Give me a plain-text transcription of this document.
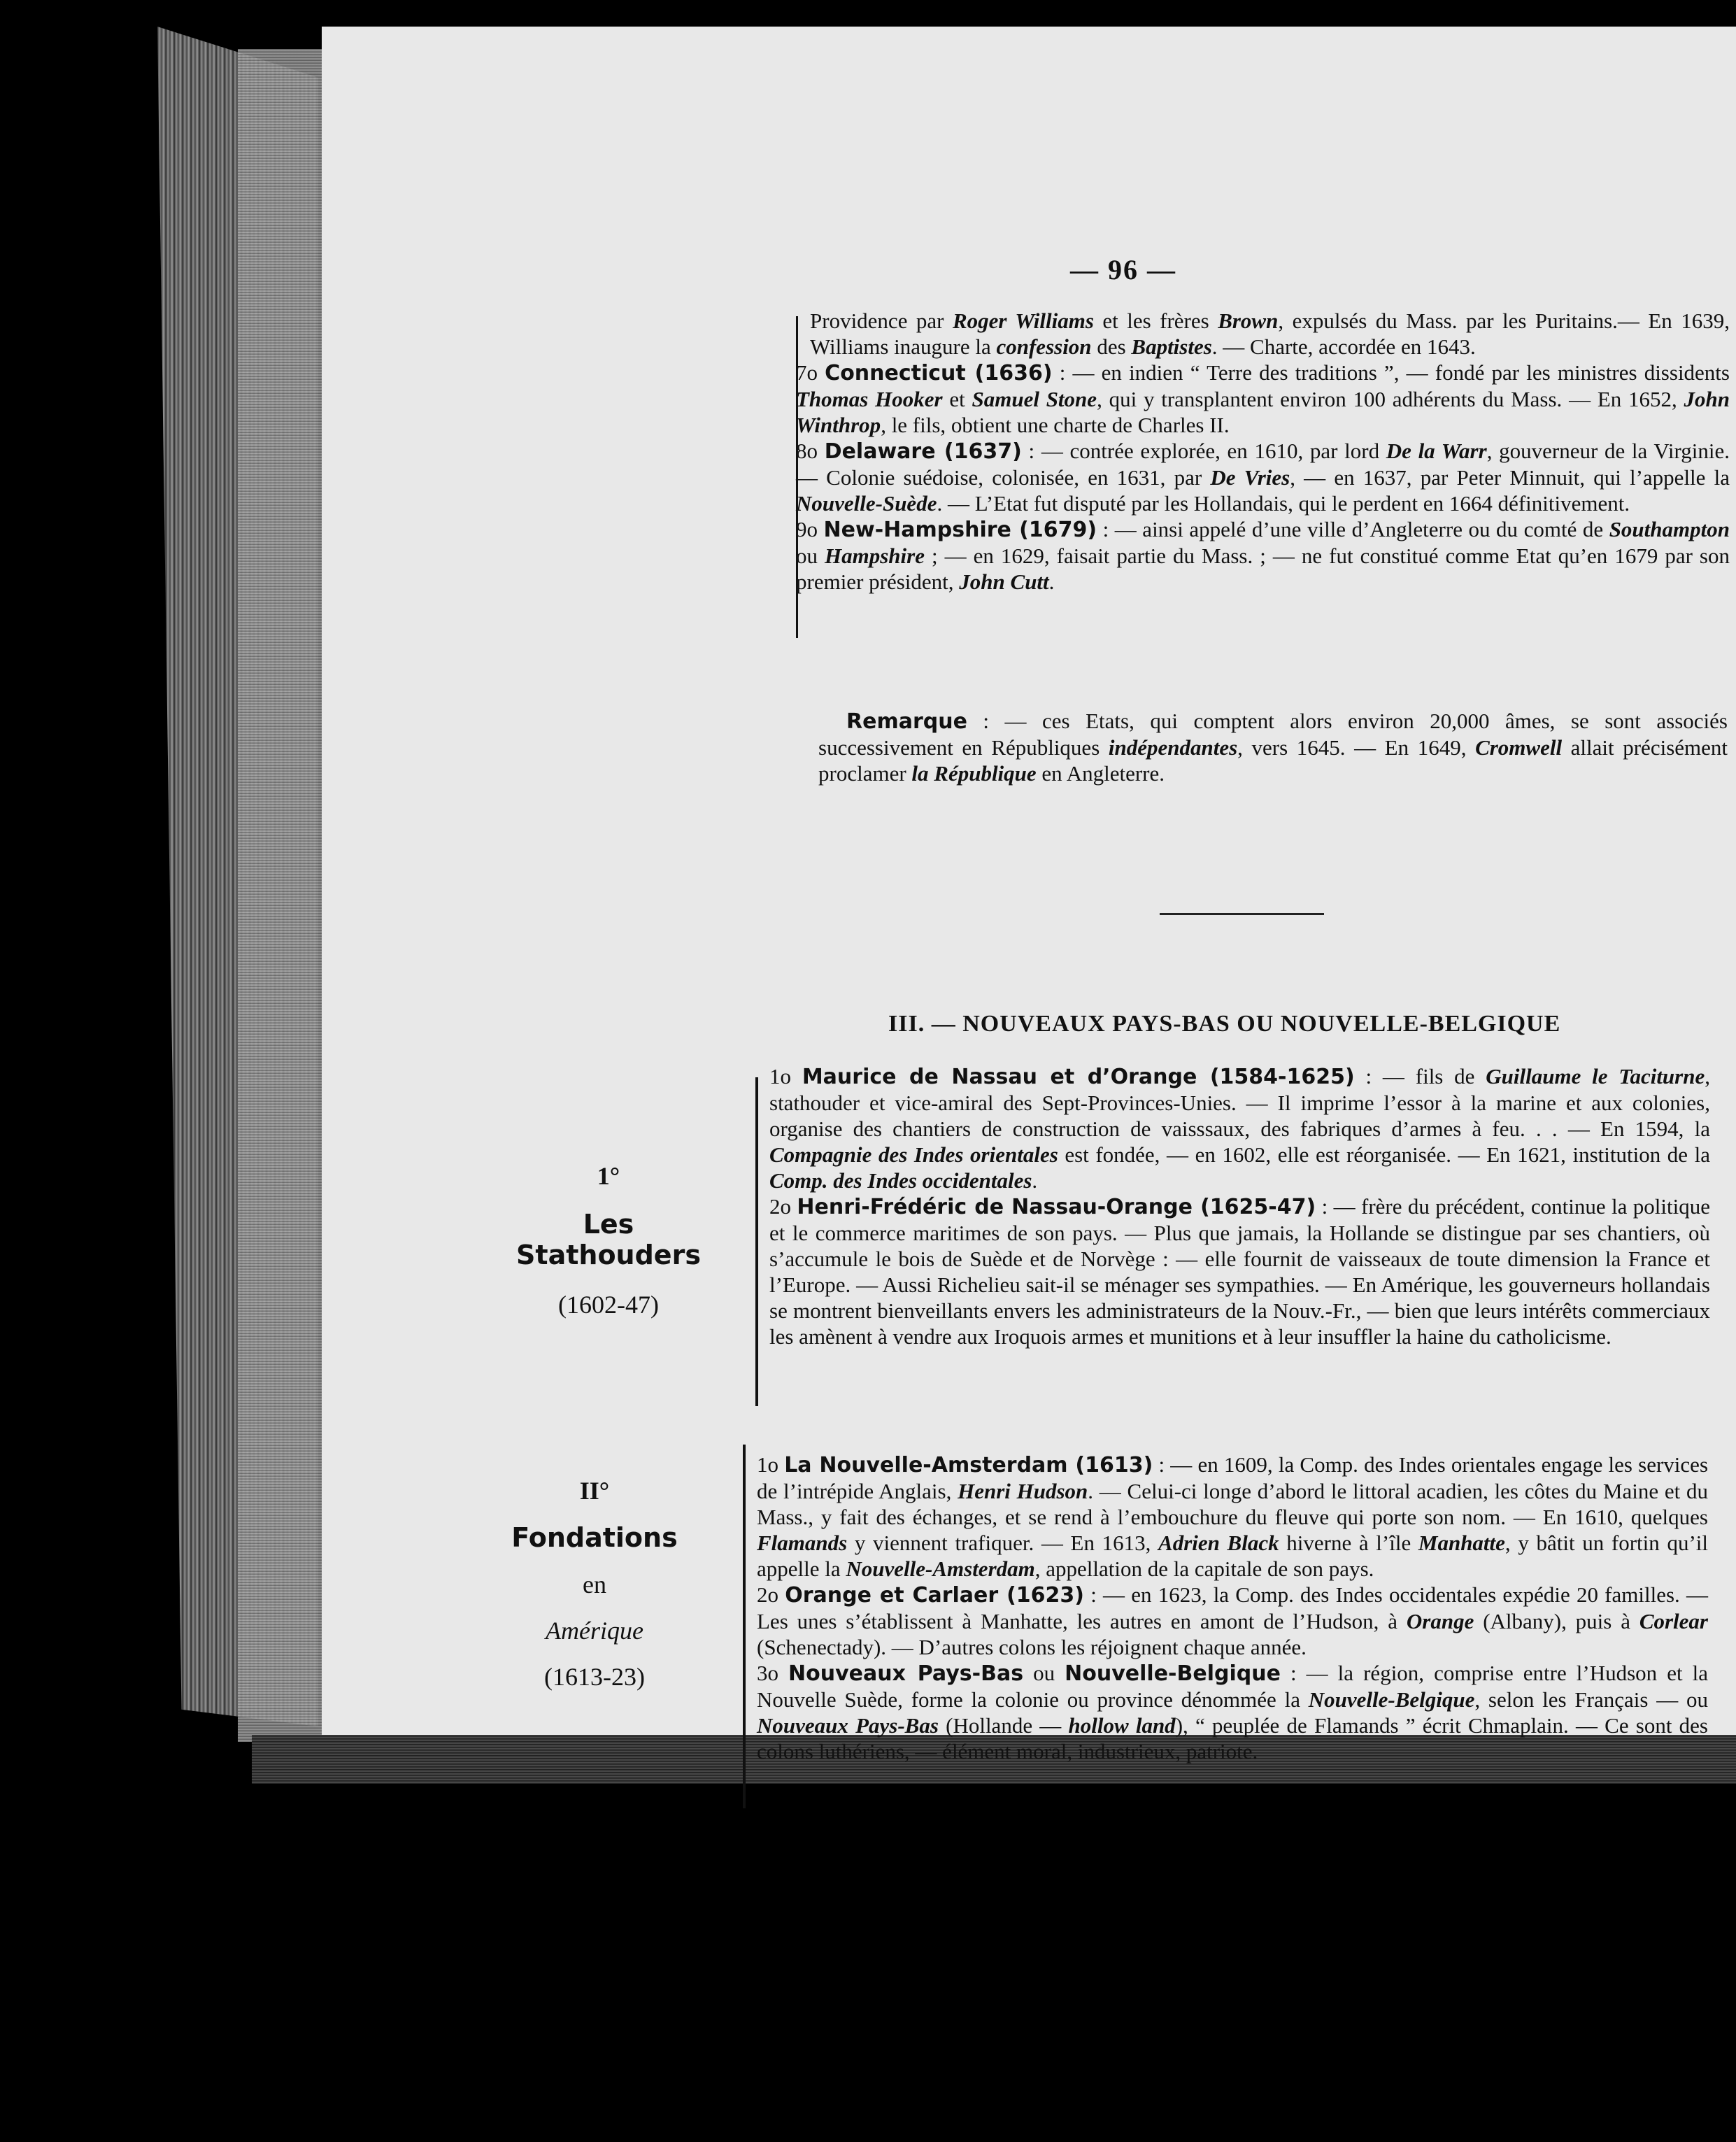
— 96 —

Providence par Roger Williams et les frères Brown, expulsés du Mass. par les Puritains.— En 1639, Williams inaugure la confession des Baptistes. — Charte, accordée en 1643.

7o Connecticut (1636) : — en indien “ Terre des traditions ”, — fondé par les ministres dissidents Thomas Hooker et Samuel Stone, qui y transplantent environ 100 adhérents du Mass. — En 1652, John Winthrop, le fils, obtient une charte de Charles II.

8o Delaware (1637) : — contrée explorée, en 1610, par lord De la Warr, gouverneur de la Virginie. — Colonie suédoise, colonisée, en 1631, par De Vries, — en 1637, par Peter Minnuit, qui l’appelle la Nouvelle-Suède. — L’Etat fut disputé par les Hollandais, qui le perdent en 1664 définitivement.

9o New-Hampshire (1679) : — ainsi appelé d’une ville d’Angleterre ou du comté de Southampton ou Hampshire ; — en 1629, faisait partie du Mass. ; — ne fut constitué comme Etat qu’en 1679 par son premier président, John Cutt.

Remarque : — ces Etats, qui comptent alors environ 20,000 âmes, se sont associés successivement en Républiques indépendantes, vers 1645. — En 1649, Cromwell allait précisément proclamer la République en Angleterre.
III. — NOUVEAUX PAYS-BAS OU NOUVELLE-BELGIQUE
1°
Les Stathouders
(1602-47)

1o Maurice de Nassau et d’Orange (1584-1625) : — fils de Guillaume le Taciturne, stathouder et vice-amiral des Sept-Provinces-Unies. — Il imprime l’essor à la marine et aux colonies, organise des chantiers de construction de vaisssaux, des fabriques d’armes à feu. . . — En 1594, la Compagnie des Indes orientales est fondée, — en 1602, elle est réorganisée. — En 1621, institution de la Comp. des Indes occidentales.

2o Henri-Frédéric de Nassau-Orange (1625-47) : — frère du précédent, continue la politique et le commerce maritimes de son pays. — Plus que jamais, la Hollande se distingue par ses chantiers, où s’accumule le bois de Suède et de Norvège : — elle fournit de vaisseaux de toute dimension la France et l’Europe. — Aussi Richelieu sait-il se ménager ses sympathies. — En Amérique, les gouverneurs hollandais se montrent bienveillants envers les administrateurs de la Nouv.-Fr., — bien que leurs intérêts commerciaux les amènent à vendre aux Iroquois armes et munitions et à leur insuffler la haine du catholicisme.

II°
Fondations
en
Amérique
(1613-23)

1o La Nouvelle-Amsterdam (1613) : — en 1609, la Comp. des Indes orientales engage les services de l’intrépide Anglais, Henri Hudson. — Celui-ci longe d’abord le littoral acadien, les côtes du Maine et du Mass., y fait des échanges, et se rend à l’embouchure du fleuve qui porte son nom. — En 1610, quelques Flamands y viennent trafiquer. — En 1613, Adrien Black hiverne à l’île Manhatte, y bâtit un fortin qu’il appelle la Nouvelle-Amsterdam, appellation de la capitale de son pays.

2o Orange et Carlaer (1623) : — en 1623, la Comp. des Indes occidentales expédie 20 familles. — Les unes s’établissent à Manhatte, les autres en amont de l’Hudson, à Orange (Albany), puis à Corlear (Schenectady). — D’autres colons les réjoignent chaque année.

3o Nouveaux Pays-Bas ou Nouvelle-Belgique : — la région, comprise entre l’Hudson et la Nouvelle Suède, forme la colonie ou province dénommée la Nouvelle-Belgique, selon les Français — ou Nouveaux Pays-Bas (Hollande — hollow land), “ peuplée de Flamands ” écrit Chmaplain. — Ce sont des colons luthériens, — élément moral, industrieux, patriote.
